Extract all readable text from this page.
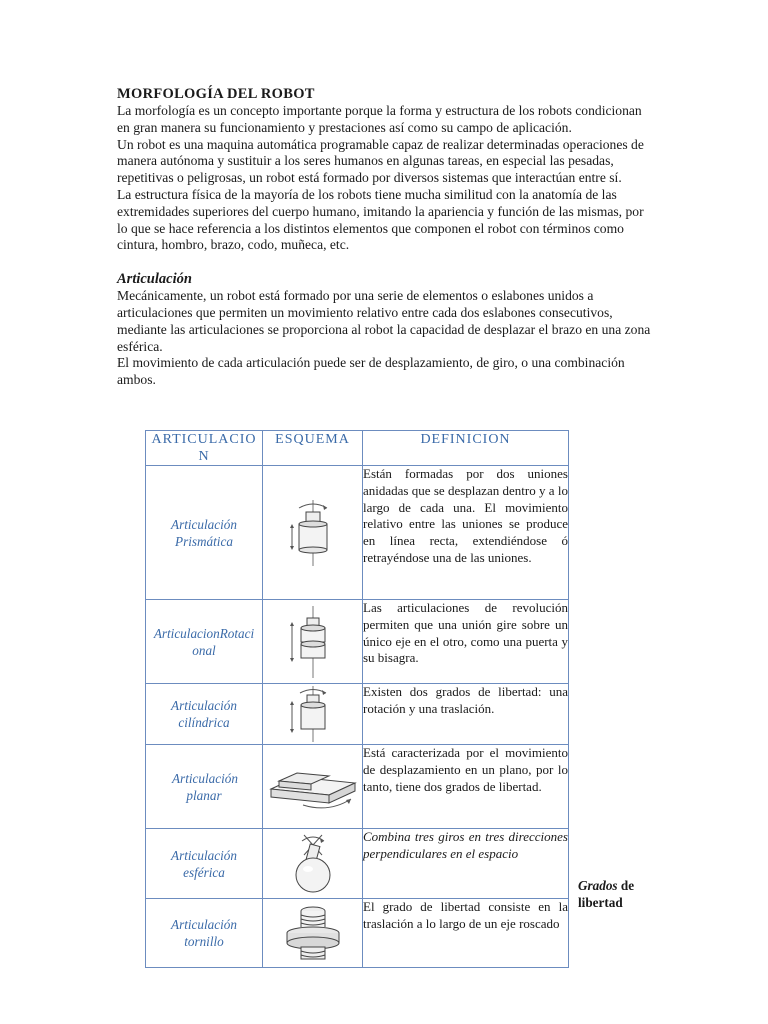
MORFOLOGÍA DEL ROBOT

La morfología es un concepto importante porque la forma y estructura de los robots condicionan en gran manera su funcionamiento y prestaciones así como su campo de aplicación.

Un robot es una maquina automática programable capaz de realizar determinadas operaciones de manera autónoma y sustituir a los seres humanos en algunas tareas, en especial las pesadas, repetitivas o peligrosas, un robot está formado por diversos sistemas que interactúan entre sí.

La estructura física de la mayoría de los robots tiene mucha similitud con la anatomía de las extremidades superiores del cuerpo humano, imitando la apariencia y función de las mismas, por lo que se hace referencia a los distintos elementos que componen el robot con términos como cintura, hombro, brazo, codo, muñeca, etc.

Articulación

Mecánicamente, un robot está formado por una serie de elementos o eslabones unidos a articulaciones que permiten un movimiento relativo entre cada dos eslabones consecutivos, mediante las articulaciones se proporciona al robot la capacidad de desplazar el brazo en una zona esférica.

El movimiento de cada articulación puede ser de desplazamiento, de giro, o una combinación ambos.

ARTICULACION	ESQUEMA	DEFINICION
Articulación Prismática		Están formadas por dos uniones anidadas que se desplazan dentro y a lo largo de cada una. El movimiento relativo entre las uniones se produce en línea recta, extendiéndose ó retrayéndose una de las uniones.
ArticulacionRotacional		Las articulaciones de revolución permiten que una unión gire sobre un único eje en el otro, como una puerta y su bisagra.
Articulación cilíndrica		Existen dos grados de libertad: una rotación y una traslación.
Articulación planar		Está caracterizada por el movimiento de desplazamiento en un plano, por lo tanto, tiene dos grados de libertad.
Articulación esférica		Combina tres giros en tres direcciones perpendiculares en el espacio
Articulación tornillo		El grado de libertad consiste en la traslación a lo largo de un eje roscado
Grados de libertad
